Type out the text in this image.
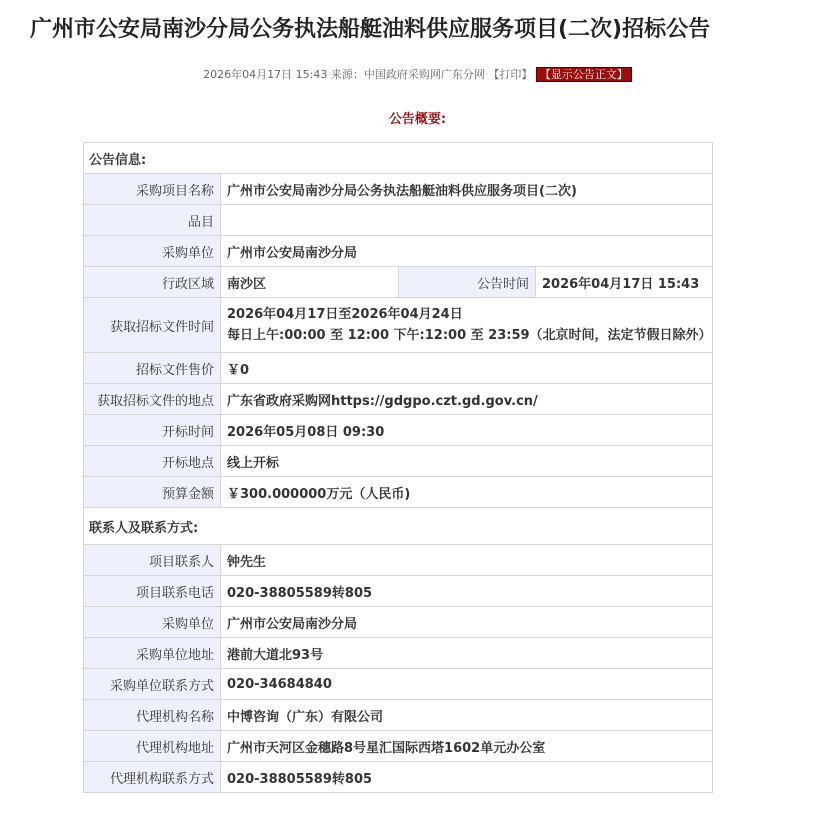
广州市公安局南沙分局公务执法船艇油料供应服务项目(二次)招标公告
2026年04月17日 15:43 来源：中国政府采购网广东分网 【打印】 【显示公告正文】
公告概要:
公告信息:			
采购项目名称	广州市公安局南沙分局公务执法船艇油料供应服务项目(二次)		
品目			
采购单位	广州市公安局南沙分局		
行政区域	南沙区	公告时间	2026年04月17日 15:43
获取招标文件时间	2026年04月17日至2026年04月24日
每日上午:00:00 至 12:00 下午:12:00 至 23:59（北京时间，法定节假日除外）		

招标文件售价	￥0		
获取招标文件的地点	广东省政府采购网https://gdgpo.czt.gd.gov.cn/		
开标时间	2026年05月08日 09:30		
开标地点	线上开标		
预算金额	￥300.000000万元（人民币)		
联系人及联系方式:			
项目联系人	钟先生		
项目联系电话	020-38805589转805		
采购单位	广州市公安局南沙分局		
采购单位地址	港前大道北93号		
采购单位联系方式	020-34684840		
代理机构名称	中博咨询（广东）有限公司		
代理机构地址	广州市天河区金穗路8号星汇国际西塔1602单元办公室		
代理机构联系方式	020-38805589转805		
